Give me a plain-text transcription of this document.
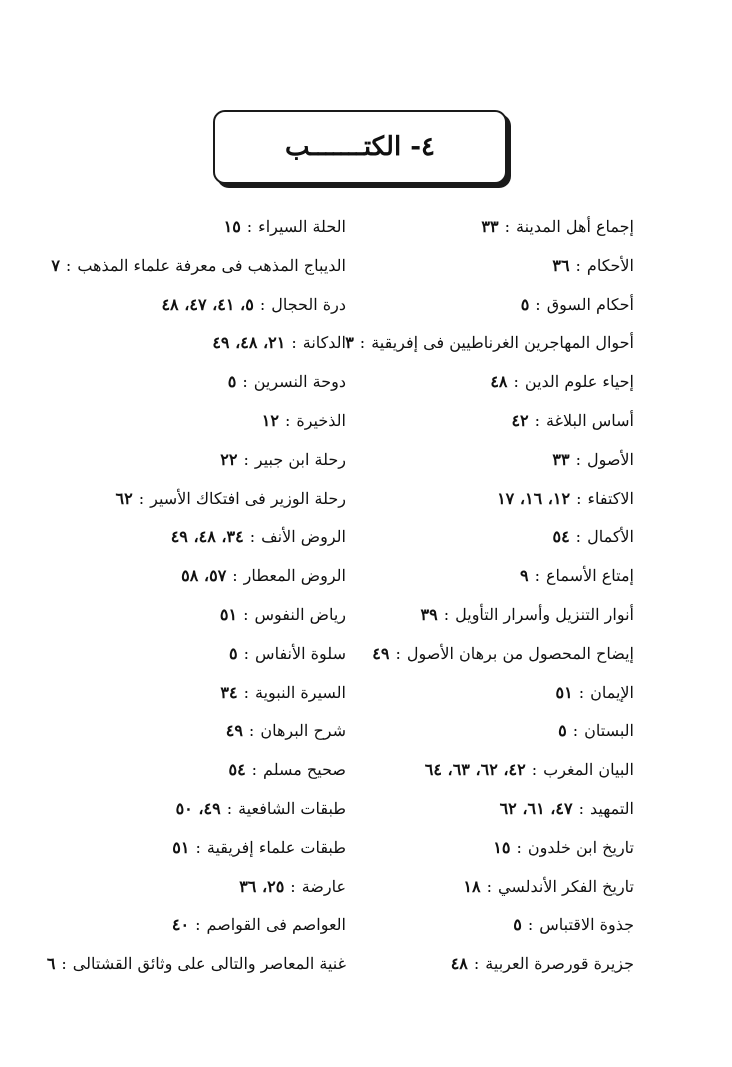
٤- الكتـــــــب
إجماع أهل المدينة:٣٣
الأحكام:٣٦
أحكام السوق:٥
أحوال المهاجرين الغرناطيين فى إفريقية:٣
إحياء علوم الدين:٤٨
أساس البلاغة:٤٢
الأصول:٣٣
الاكتفاء:١٢، ١٦، ١٧
الأكمال:٥٤
إمتاع الأسماع:٩
أنوار التنزيل وأسرار التأويل:٣٩
إيضاح المحصول من برهان الأصول:٤٩
الإيمان:٥١
البستان:٥
البيان المغرب:٤٢، ٦٢، ٦٣، ٦٤
التمهيد:٤٧، ٦١، ٦٢
تاريخ ابن خلدون:١٥
تاريخ الفكر الأندلسي:١٨
جذوة الاقتباس:٥
جزيرة قورصرة العربية:٤٨
الحلة السيراء:١٥
الديباج المذهب فى معرفة علماء المذهب:٧
درة الحجال:٥، ٤١، ٤٧، ٤٨
الدكانة:٢١، ٤٨، ٤٩
دوحة النسرين:٥
الذخيرة:١٢
رحلة ابن جبير:٢٢
رحلة الوزير فى افتكاك الأسير:٦٢
الروض الأنف:٣٤، ٤٨، ٤٩
الروض المعطار:٥٧، ٥٨
رياض النفوس:٥١
سلوة الأنفاس:٥
السيرة النبوية:٣٤
شرح البرهان:٤٩
صحيح مسلم:٥٤
طبقات الشافعية:٤٩، ٥٠
طبقات علماء إفريقية:٥١
عارضة:٢٥، ٣٦
العواصم فى القواصم:٤٠
غنية المعاصر والتالى على وثائق القشتالى:٦
